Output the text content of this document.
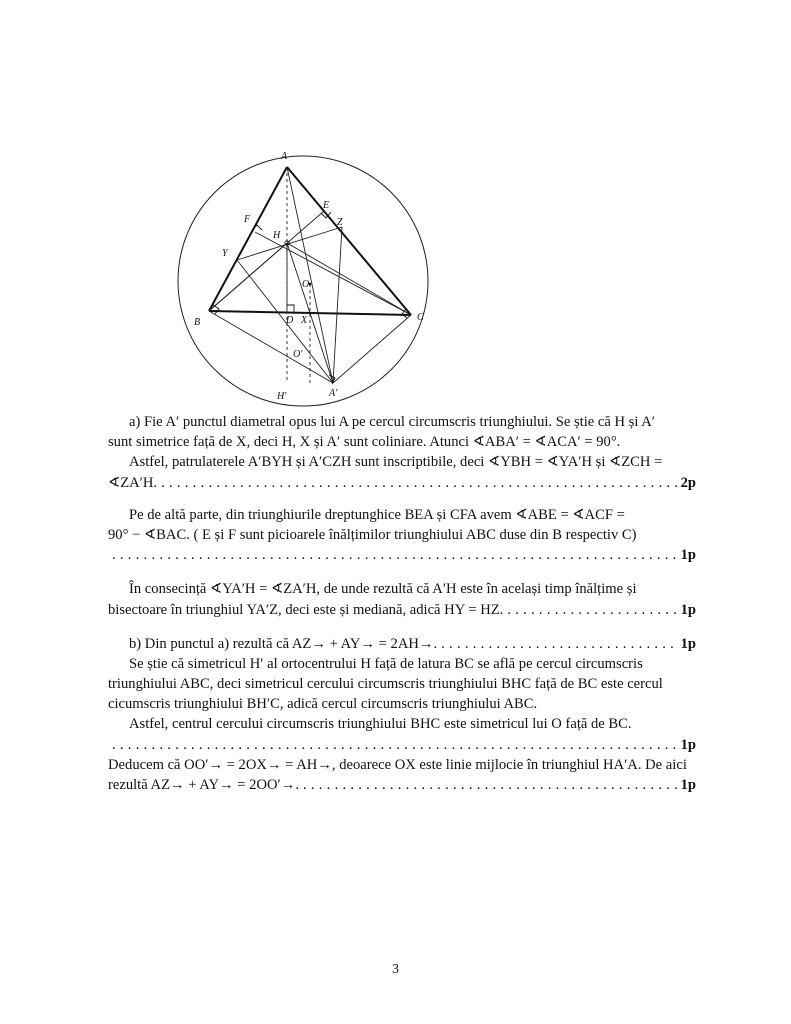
A
E
F	Z
H
Y
O
B	D X	C
O′
H′	A′
a) Fie A′ punctul diametral opus lui A pe cercul circumscris triunghiului. Se știe că H și A′
sunt simetrice față de X, deci H, X și A′ sunt coliniare. Atunci ∢ABA′ = ∢ACA′ = 90°.
Astfel, patrulaterele A′BYH și A′CZH sunt inscriptibile, deci ∢YBH = ∢YA′H și ∢ZCH =
∢ZA′H. . . .	2p
Pe de altă parte, din triunghiurile dreptunghice BEA și CFA avem ∢ABE = ∢ACF =
90° − ∢BAC. ( E și F sunt picioarele înălțimilor triunghiului ABC duse din B respectiv C)
. . .
1p
În consecință ∢YA′H = ∢ZA′H, de unde rezultă că A′H este în același timp înălțime și
bisectoare în triunghiul YA′Z, deci este și mediană, adică HY = HZ. . . .	1p
b) Din punctul a) rezultă că AZ→ + AY→ = 2AH→. . . .	1p
Se știe că simetricul H′ al ortocentrului H față de latura BC se află pe cercul circumscris
triunghiului ABC, deci simetricul cercului circumscris triunghiului BHC față de BC este cercul
cicumscris triunghiului BH′C, adică cercul circumscris triunghiului ABC.
Astfel, centrul cercului circumscris triunghiului BHC este simetricul lui O față de BC.
. . .
1p
Deducem că OO′→ = 2OX→ = AH→, deoarece OX este linie mijlocie în triunghiul HA′A. De aici
rezultă AZ→ + AY→ = 2OO′→. . . .	1p
3
